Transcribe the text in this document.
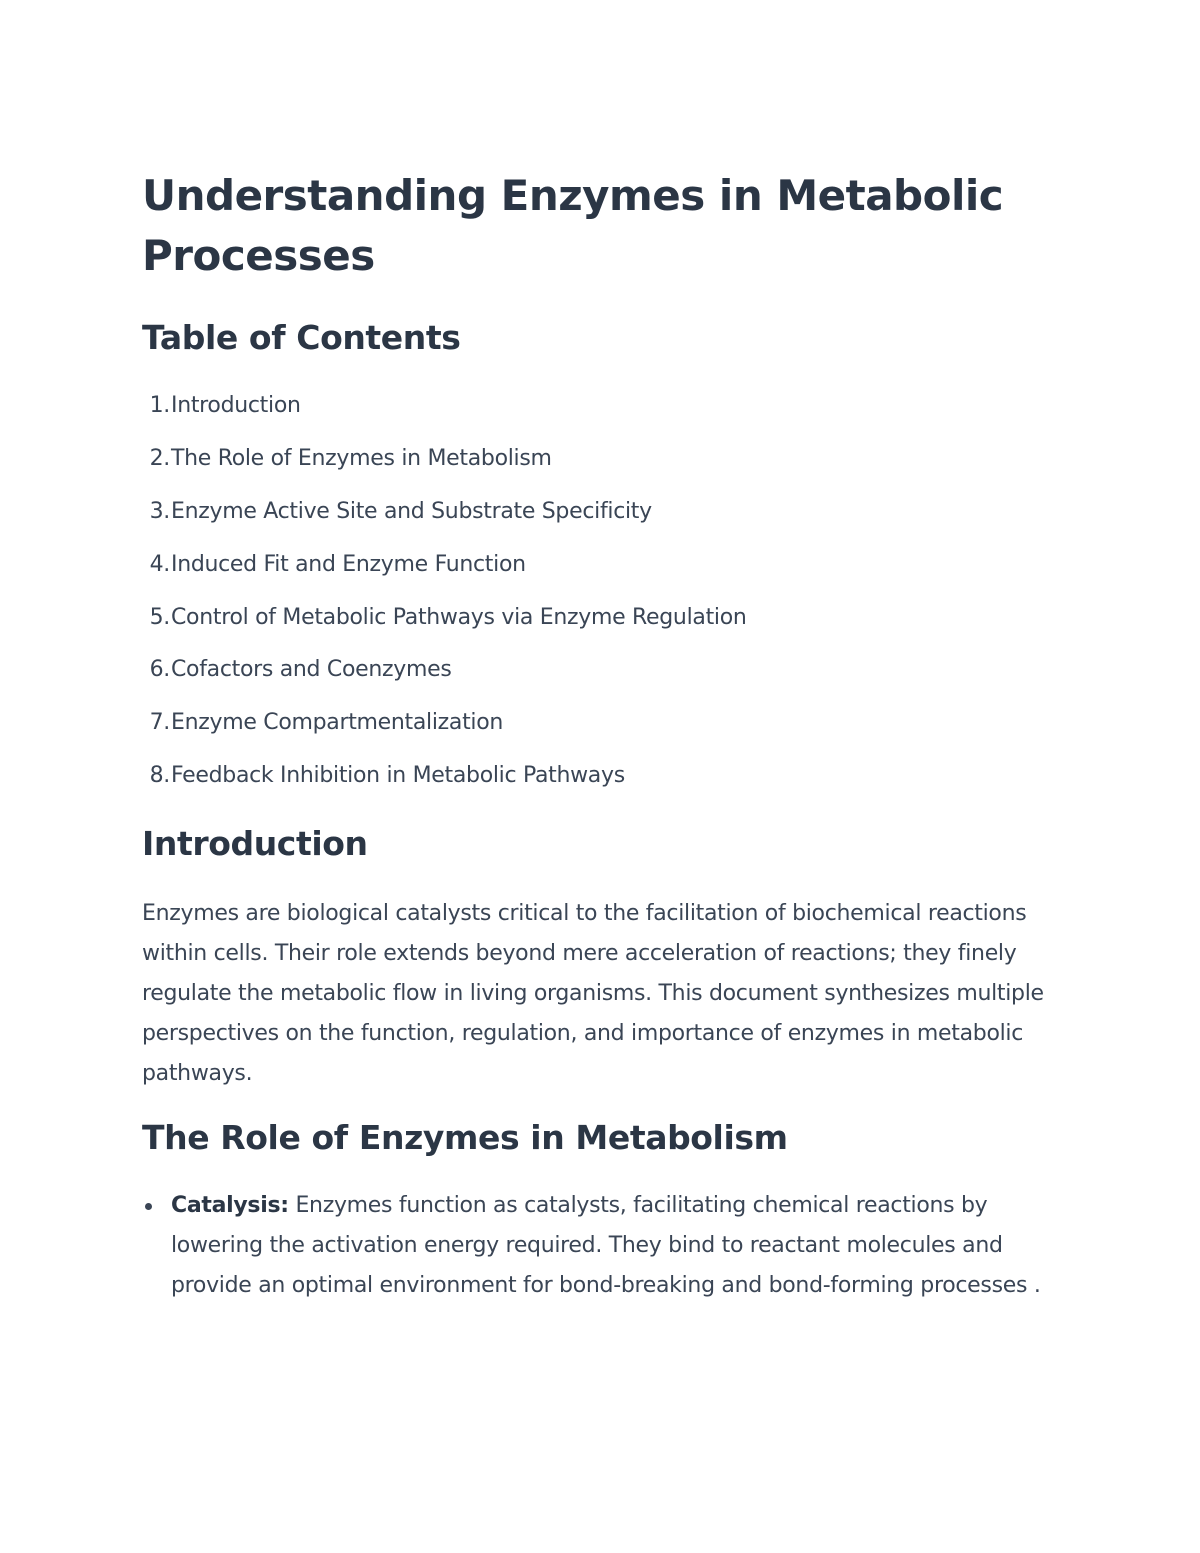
Understanding Enzymes in Metabolic Processes
Table of Contents
1.Introduction
2.The Role of Enzymes in Metabolism
3.Enzyme Active Site and Substrate Specificity
4.Induced Fit and Enzyme Function
5.Control of Metabolic Pathways via Enzyme Regulation
6.Cofactors and Coenzymes
7.Enzyme Compartmentalization
8.Feedback Inhibition in Metabolic Pathways
Introduction

Enzymes are biological catalysts critical to the facilitation of biochemical reactions within cells. Their role extends beyond mere acceleration of reactions; they finely regulate the metabolic flow in living organisms. This document synthesizes multiple perspectives on the function, regulation, and importance of enzymes in metabolic pathways.

The Role of Enzymes in Metabolism
Catalysis: Enzymes function as catalysts, facilitating chemical reactions by lowering the activation energy required. They bind to reactant molecules and provide an optimal environment for bond-breaking and bond-forming processes .
